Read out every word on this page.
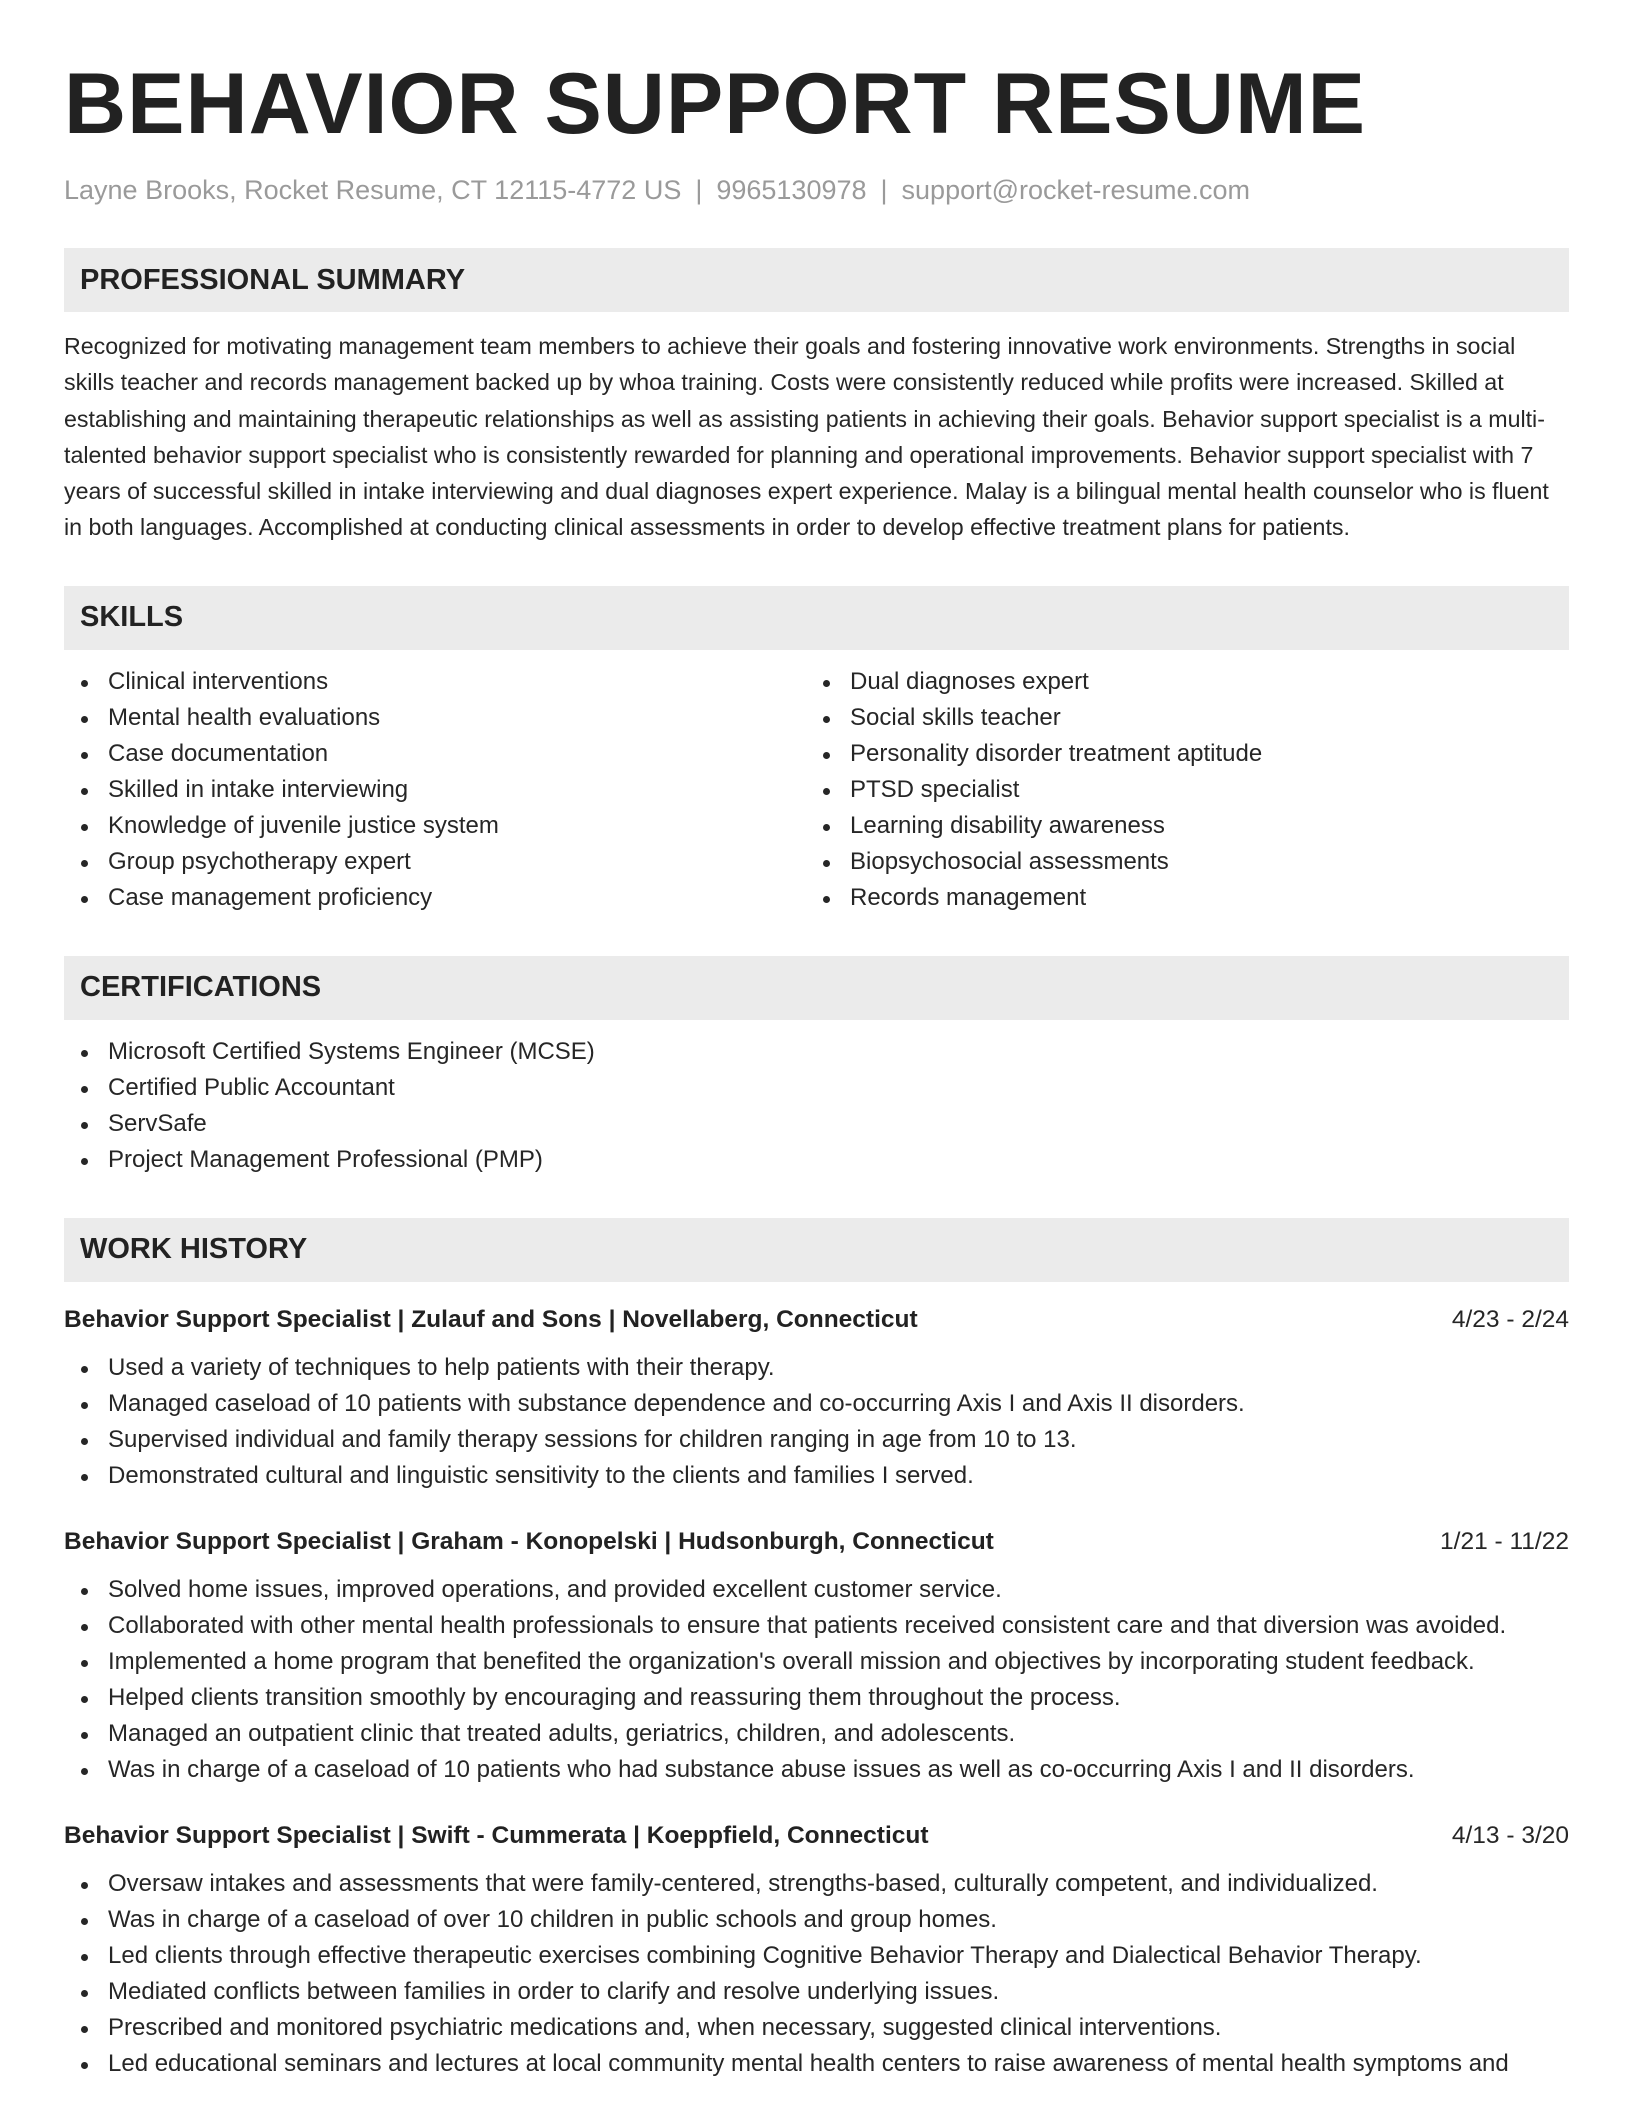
BEHAVIOR SUPPORT RESUME
Layne Brooks, Rocket Resume, CT 12115-4772 US | 9965130978 | support@rocket-resume.com
PROFESSIONAL SUMMARY
Recognized for motivating management team members to achieve their goals and fostering innovative work environments. Strengths in social skills teacher and records management backed up by whoa training. Costs were consistently reduced while profits were increased. Skilled at establishing and maintaining therapeutic relationships as well as assisting patients in achieving their goals. Behavior support specialist is a multi-talented behavior support specialist who is consistently rewarded for planning and operational improvements. Behavior support specialist with 7 years of successful skilled in intake interviewing and dual diagnoses expert experience. Malay is a bilingual mental health counselor who is fluent in both languages. Accomplished at conducting clinical assessments in order to develop effective treatment plans for patients.
SKILLS
Clinical interventions
Mental health evaluations
Case documentation
Skilled in intake interviewing
Knowledge of juvenile justice system
Group psychotherapy expert
Case management proficiency
Dual diagnoses expert
Social skills teacher
Personality disorder treatment aptitude
PTSD specialist
Learning disability awareness
Biopsychosocial assessments
Records management
CERTIFICATIONS
Microsoft Certified Systems Engineer (MCSE)
Certified Public Accountant
ServSafe
Project Management Professional (PMP)
WORK HISTORY
Behavior Support Specialist | Zulauf and Sons | Novellaberg, Connecticut	4/23 - 2/24
Used a variety of techniques to help patients with their therapy.
Managed caseload of 10 patients with substance dependence and co-occurring Axis I and Axis II disorders.
Supervised individual and family therapy sessions for children ranging in age from 10 to 13.
Demonstrated cultural and linguistic sensitivity to the clients and families I served.
Behavior Support Specialist | Graham - Konopelski | Hudsonburgh, Connecticut	1/21 - 11/22
Solved home issues, improved operations, and provided excellent customer service.
Collaborated with other mental health professionals to ensure that patients received consistent care and that diversion was avoided.
Implemented a home program that benefited the organization's overall mission and objectives by incorporating student feedback.
Helped clients transition smoothly by encouraging and reassuring them throughout the process.
Managed an outpatient clinic that treated adults, geriatrics, children, and adolescents.
Was in charge of a caseload of 10 patients who had substance abuse issues as well as co-occurring Axis I and II disorders.
Behavior Support Specialist | Swift - Cummerata | Koeppfield, Connecticut	4/13 - 3/20
Oversaw intakes and assessments that were family-centered, strengths-based, culturally competent, and individualized.
Was in charge of a caseload of over 10 children in public schools and group homes.
Led clients through effective therapeutic exercises combining Cognitive Behavior Therapy and Dialectical Behavior Therapy.
Mediated conflicts between families in order to clarify and resolve underlying issues.
Prescribed and monitored psychiatric medications and, when necessary, suggested clinical interventions.
Led educational seminars and lectures at local community mental health centers to raise awareness of mental health symptoms and
